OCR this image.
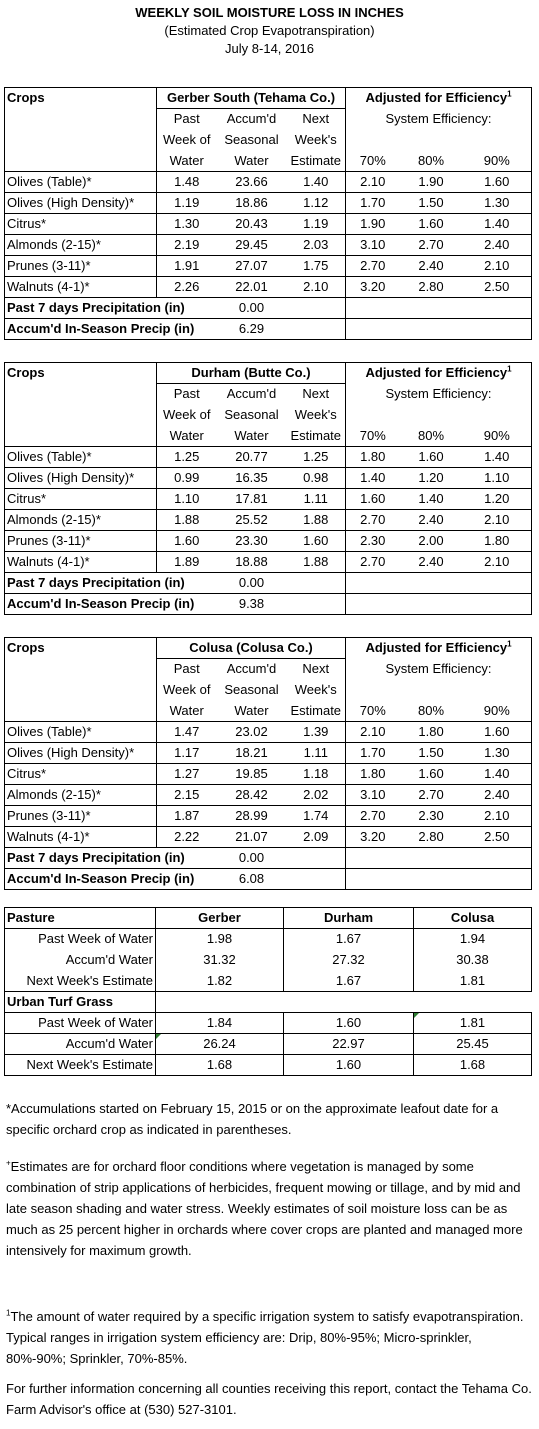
WEEKLY SOIL MOISTURE LOSS IN INCHES
(Estimated Crop Evapotranspiration)
July 8-14, 2016
Crops	Gerber South (Tehama Co.)			Adjusted for Efficiency$^1$
	Past	Accum'd	Next	System Efficiency:		
	Week of	Seasonal	Week's			
	Water	Water	Estimate	70%	80%	90%
Olives (Table)*	1.48	23.66	1.40	2.10	1.90	1.60
Olives (High Density)*	1.19	18.86	1.12	1.70	1.50	1.30
Citrus*	1.30	20.43	1.19	1.90	1.60	1.40
Almonds (2-15)*	2.19	29.45	2.03	3.10	2.70	2.40
Prunes (3-11)*	1.91	27.07	1.75	2.70	2.40	2.10
Walnuts (4-1)*	2.26	22.01	2.10	3.20	2.80	2.50
Past 7 days Precipitation (in)		0.00				
Accum'd In-Season Precip (in)		6.29				
Crops	Durham (Butte Co.)			Adjusted for Efficiency$^1$
	Past	Accum'd	Next	System Efficiency:		
	Week of	Seasonal	Week's			
	Water	Water	Estimate	70%	80%	90%
Olives (Table)*	1.25	20.77	1.25	1.80	1.60	1.40
Olives (High Density)*	0.99	16.35	0.98	1.40	1.20	1.10
Citrus*	1.10	17.81	1.11	1.60	1.40	1.20
Almonds (2-15)*	1.88	25.52	1.88	2.70	2.40	2.10
Prunes (3-11)*	1.60	23.30	1.60	2.30	2.00	1.80
Walnuts (4-1)*	1.89	18.88	1.88	2.70	2.40	2.10
Past 7 days Precipitation (in)		0.00				
Accum'd In-Season Precip (in)		9.38				
Crops	Colusa (Colusa Co.)			Adjusted for Efficiency$^1$
	Past	Accum'd	Next	System Efficiency:		
	Week of	Seasonal	Week's			
	Water	Water	Estimate	70%	80%	90%
Olives (Table)*	1.47	23.02	1.39	2.10	1.80	1.60
Olives (High Density)*	1.17	18.21	1.11	1.70	1.50	1.30
Citrus*	1.27	19.85	1.18	1.80	1.60	1.40
Almonds (2-15)*	2.15	28.42	2.02	3.10	2.70	2.40
Prunes (3-11)*	1.87	28.99	1.74	2.70	2.30	2.10
Walnuts (4-1)*	2.22	21.07	2.09	3.20	2.80	2.50
Past 7 days Precipitation (in)		0.00				
Accum'd In-Season Precip (in)		6.08				
Pasture	Gerber	Durham	Colusa
Past Week of Water	1.98	1.67	1.94
Accum'd Water	31.32	27.32	30.38
Next Week's Estimate	1.82	1.67	1.81
Urban Turf Grass			
Past Week of Water	1.84	1.60	1.81
Accum'd Water	26.24	22.97	25.45
Next Week's Estimate	1.68	1.60	1.68

*Accumulations started on February 15, 2015 or on the approximate leafout date for a specific orchard crop as indicated in parentheses.

+Estimates are for orchard floor conditions where vegetation is managed by some combination of strip applications of herbicides, frequent mowing or tillage, and by mid and late season shading and water stress. Weekly estimates of soil moisture loss can be as much as 25 percent higher in orchards where cover crops are planted and managed more intensively for maximum growth.

$^1$The amount of water required by a specific irrigation system to satisfy evapotranspiration. Typical ranges in irrigation system efficiency are: Drip, 80%-95%; Micro-sprinkler, 80%-90%; Sprinkler, 70%-85%.

For further information concerning all counties receiving this report, contact the Tehama Co. Farm Advisor's office at (530) 527-3101.
